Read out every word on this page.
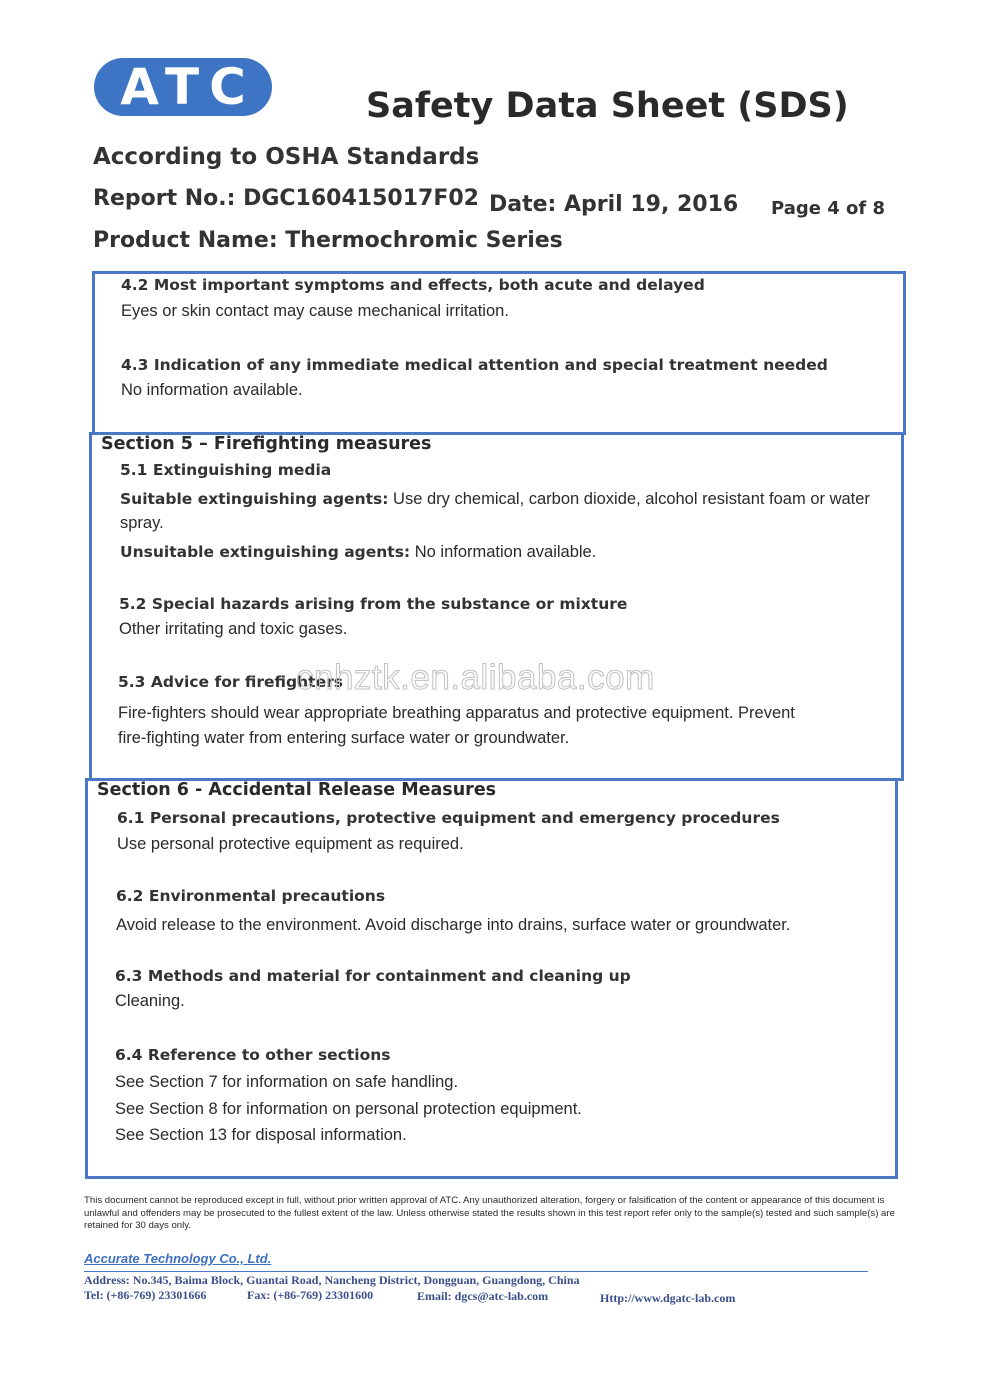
ATC	Safety Data Sheet (SDS)
According to OSHA Standards
Report No.: DGC160415017F02 Date: April 19, 2016 Page 4 of 8
Product Name: Thermochromic Series
4.2 Most important symptoms and effects, both acute and delayed
Eyes or skin contact may cause mechanical irritation.
4.3 Indication of any immediate medical attention and special treatment needed
No information available.
Section 5 – Firefighting measures
5.1 Extinguishing media
Suitable extinguishing agents: Use dry chemical, carbon dioxide, alcohol resistant foam or water
spray.
Unsuitable extinguishing agents: No information available.
5.2 Special hazards arising from the substance or mixture
Other irritating and toxic gases.
5.3 Advice for firefighters
Fire-fighters should wear appropriate breathing apparatus and protective equipment. Prevent
fire-fighting water from entering surface water or groundwater.
cnhztk.en.alibaba.com
Section 6 - Accidental Release Measures
6.1 Personal precautions, protective equipment and emergency procedures
Use personal protective equipment as required.
6.2 Environmental precautions
Avoid release to the environment. Avoid discharge into drains, surface water or groundwater.
6.3 Methods and material for containment and cleaning up
Cleaning.
6.4 Reference to other sections
See Section 7 for information on safe handling.
See Section 8 for information on personal protection equipment.
See Section 13 for disposal information.
This document cannot be reproduced except in full, without prior written approval of ATC. Any unauthorized alteration, forgery or falsification of the content or appearance of this document is unlawful and offenders may be prosecuted to the fullest extent of the law. Unless otherwise stated the results shown in this test report refer only to the sample(s) tested and such sample(s) are retained for 30 days only.
Accurate Technology Co., Ltd.
Address: No.345, Baima Block, Guantai Road, Nancheng District, Dongguan, Guangdong, China
Tel: (+86-769) 23301666	Fax: (+86-769) 23301600	Email: dgcs@atc-lab.com	Http://www.dgatc-lab.com
